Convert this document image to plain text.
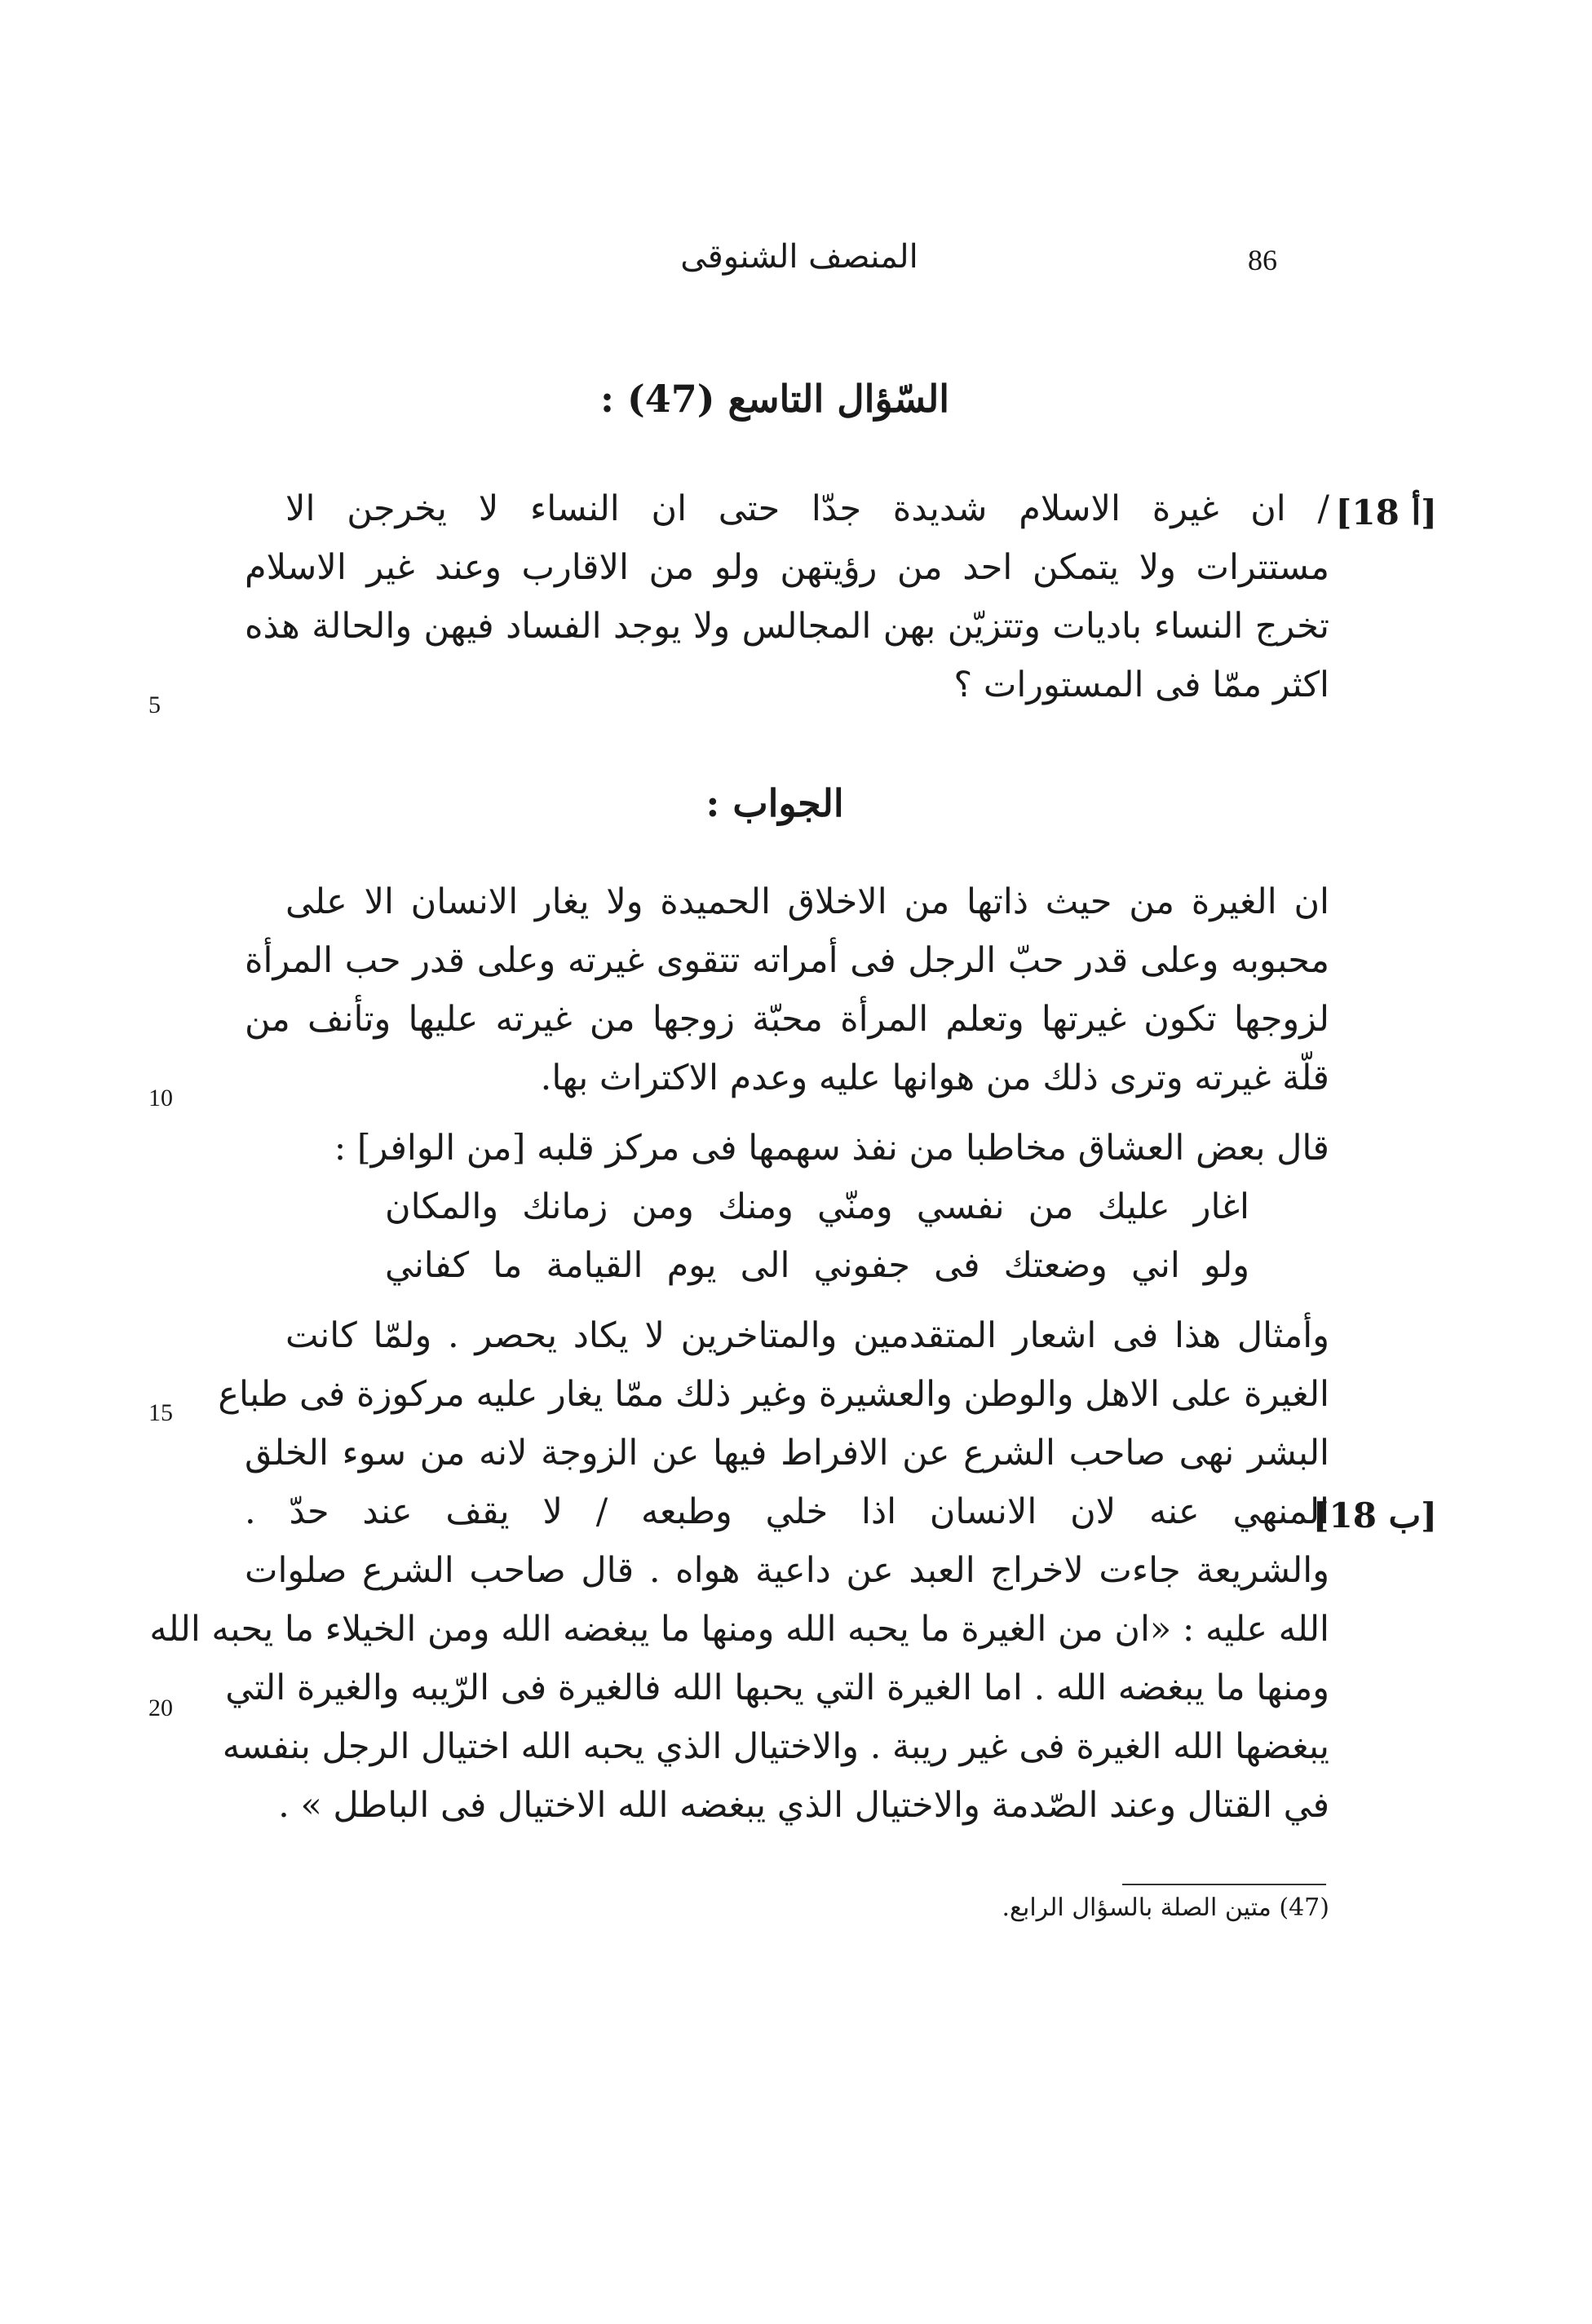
86
المنصف الشنوقى
السّؤال التاسع (47) :
[18 أ]
/ ان غيرة الاسلام شديدة جدّا حتى ان النساء لا يخرجن الا
مستترات ولا يتمكن احد من رؤيتهن ولو من الاقارب وعند غير الاسلام
تخرج النساء باديات وتتزيّن بهن المجالس ولا يوجد الفساد فيهن والحالة هذه
اكثر ممّا فى المستورات ؟
5
الجواب :
ان الغيرة من حيث ذاتها من الاخلاق الحميدة ولا يغار الانسان الا على
محبوبه وعلى قدر حبّ الرجل فى أمراته تتقوى غيرته وعلى قدر حب المرأة
لزوجها تكون غيرتها وتعلم المرأة محبّة زوجها من غيرته عليها وتأنف من
قلّة غيرته وترى ذلك من هوانها عليه وعدم الاكتراث بها.
10
قال بعض العشاق مخاطبا من نفذ سهمها فى مركز قلبه [من الوافر] :
اغار عليك من نفسي ومنّي ومنك ومن زمانك والمكان
ولو اني وضعتك فى جفوني الى يوم القيامة ما كفاني
وأمثال هذا فى اشعار المتقدمين والمتاخرين لا يكاد يحصر . ولمّا كانت
الغيرة على الاهل والوطن والعشيرة وغير ذلك ممّا يغار عليه مركوزة فى طباع
15
البشر نهى صاحب الشرع عن الافراط فيها عن الزوجة لانه من سوء الخلق
المنهي عنه لان الانسان اذا خلي وطبعه / لا يقف عند حدّ .
[18 ب]
والشريعة جاءت لاخراج العبد عن داعية هواه . قال صاحب الشرع صلوات
الله عليه : «ان من الغيرة ما يحبه الله ومنها ما يبغضه الله ومن الخيلاء ما يحبه الله
ومنها ما يبغضه الله . اما الغيرة التي يحبها الله فالغيرة فى الرّيبه والغيرة التي
20
يبغضها الله الغيرة فى غير ريبة . والاختيال الذي يحبه الله اختيال الرجل بنفسه
في القتال وعند الصّدمة والاختيال الذي يبغضه الله الاختيال فى الباطل » .
(47) متين الصلة بالسؤال الرابع.
